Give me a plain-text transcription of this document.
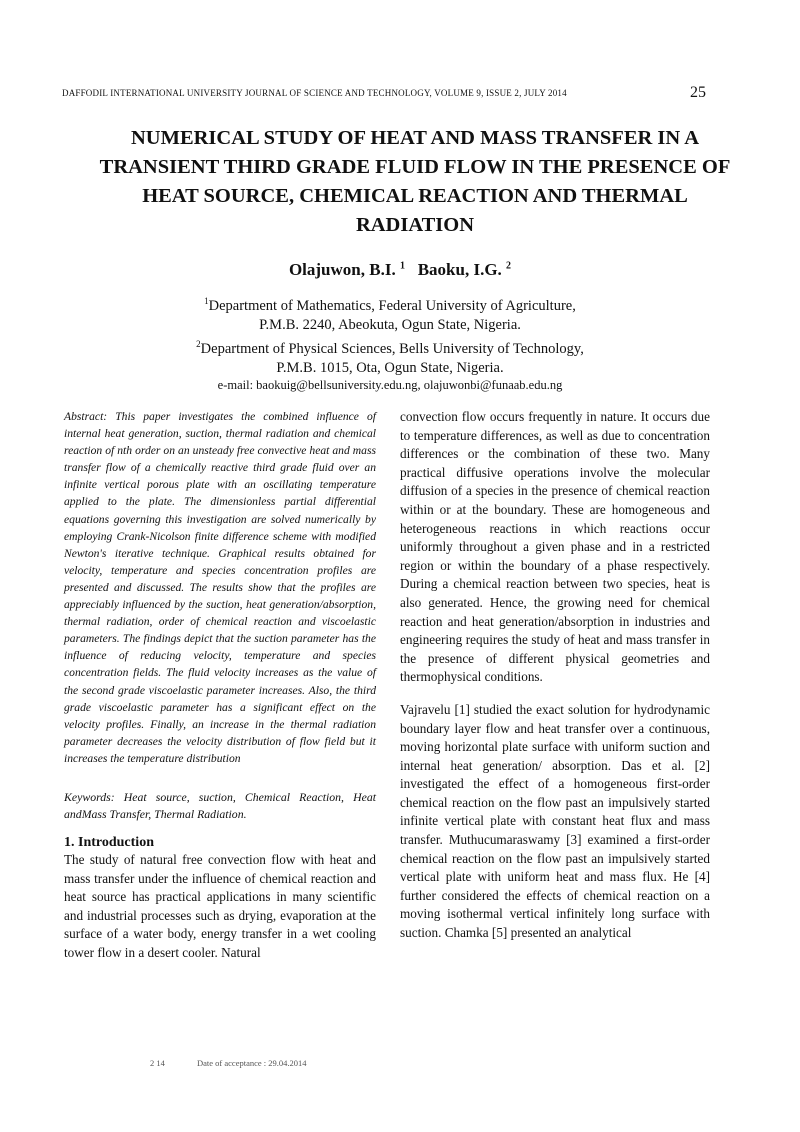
DAFFODIL INTERNATIONAL UNIVERSITY JOURNAL OF SCIENCE AND TECHNOLOGY, VOLUME 9, ISSUE 2, JULY 2014	25
NUMERICAL STUDY OF HEAT AND MASS TRANSFER IN A
TRANSIENT THIRD GRADE FLUID FLOW IN THE PRESENCE OF
HEAT SOURCE, CHEMICAL REACTION AND THERMAL
RADIATION
Olajuwon, B.I. $^1$ Baoku, I.G. $^2$
$^1$Department of Mathematics, Federal University of Agriculture,
P.M.B. 2240, Abeokuta, Ogun State, Nigeria.
$^2$Department of Physical Sciences, Bells University of Technology,
P.M.B. 1015, Ota, Ogun State, Nigeria.
e-mail: baokuig@bellsuniversity.edu.ng, olajuwonbi@funaab.edu.ng

Abstract: This paper investigates the combined influence of internal heat generation, suction, thermal radiation and chemical reaction of nth order on an unsteady free convective heat and mass transfer flow of a chemically reactive third grade fluid over an infinite vertical porous plate with an oscillating temperature applied to the plate. The dimensionless partial differential equations governing this investigation are solved numerically by employing Crank-Nicolson finite difference scheme with modified Newton's iterative technique. Graphical results obtained for velocity, temperature and species concentration profiles are presented and discussed. The results show that the profiles are appreciably influenced by the suction, heat generation/absorption, thermal radiation, order of chemical reaction and viscoelastic parameters. The findings depict that the suction parameter has the influence of reducing velocity, temperature and species concentration fields. The fluid velocity increases as the value of the second grade viscoelastic parameter increases. Also, the third grade viscoelastic parameter has a significant effect on the velocity profiles. Finally, an increase in the thermal radiation parameter decreases the velocity distribution of flow field but it increases the temperature distribution

Keywords: Heat source, suction, Chemical Reaction, Heat andMass Transfer, Thermal Radiation.

1. Introduction

The study of natural free convection flow with heat and mass transfer under the influence of chemical reaction and heat source has practical applications in many scientific and industrial processes such as drying, evaporation at the surface of a water body, energy transfer in a wet cooling tower flow in a desert cooler. Natural

convection flow occurs frequently in nature. It occurs due to temperature differences, as well as due to concentration differences or the combination of these two. Many practical diffusive operations involve the molecular diffusion of a species in the presence of chemical reaction within or at the boundary. These are homogeneous and heterogeneous reactions in which reactions occur uniformly throughout a given phase and in a restricted region or within the boundary of a phase respectively. During a chemical reaction between two species, heat is also generated. Hence, the growing need for chemical reaction and heat generation/absorption in industries and engineering requires the study of heat and mass transfer in the presence of different physical geometries and thermophysical conditions.

Vajravelu [1] studied the exact solution for hydrodynamic boundary layer flow and heat transfer over a continuous, moving horizontal plate surface with uniform suction and internal heat generation/ absorption. Das et al. [2] investigated the effect of a homogeneous first-order chemical reaction on the flow past an impulsively started infinite vertical plate with constant heat flux and mass transfer. Muthucumaraswamy [3] examined a first-order chemical reaction on the flow past an impulsively started vertical plate with uniform heat and mass flux. He [4] further considered the effects of chemical reaction on a moving isothermal vertical infinitely long surface with suction. Chamka [5] presented an analytical

2 14	Date of acceptance : 29.04.2014
